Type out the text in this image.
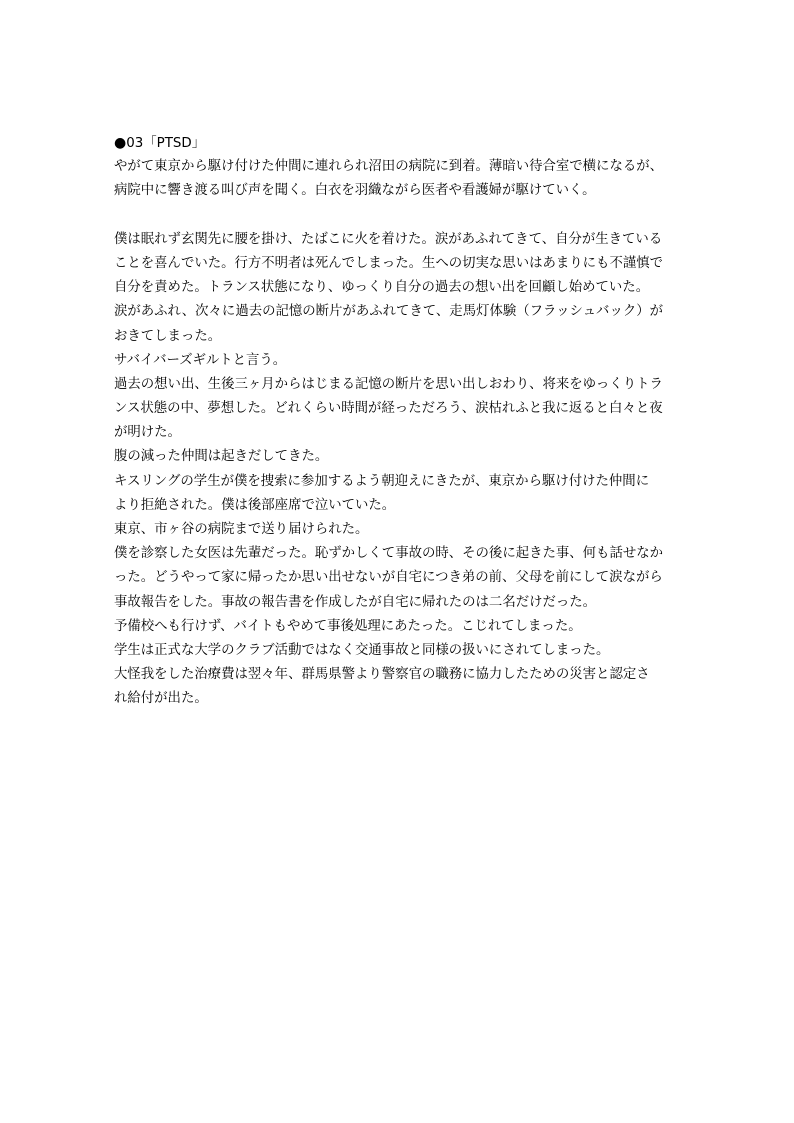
●03「PTSD」
やがて東京から駆け付けた仲間に連れられ沼田の病院に到着。薄暗い待合室で横になるが、
病院中に響き渡る叫び声を聞く。白衣を羽織ながら医者や看護婦が駆けていく。
僕は眠れず玄関先に腰を掛け、たばこに火を着けた。涙があふれてきて、自分が生きている
ことを喜んでいた。行方不明者は死んでしまった。生への切実な思いはあまりにも不謹慎で
自分を責めた。トランス状態になり、ゆっくり自分の過去の想い出を回顧し始めていた。
涙があふれ、次々に過去の記憶の断片があふれてきて、走馬灯体験（フラッシュバック）が
おきてしまった。
サバイバーズギルトと言う。
過去の想い出、生後三ヶ月からはじまる記憶の断片を思い出しおわり、将来をゆっくりトラ
ンス状態の中、夢想した。どれくらい時間が経っただろう、涙枯れふと我に返ると白々と夜
が明けた。
腹の減った仲間は起きだしてきた。
キスリングの学生が僕を捜索に参加するよう朝迎えにきたが、東京から駆け付けた仲間に
より拒絶された。僕は後部座席で泣いていた。
東京、市ヶ谷の病院まで送り届けられた。
僕を診察した女医は先輩だった。恥ずかしくて事故の時、その後に起きた事、何も話せなか
った。どうやって家に帰ったか思い出せないが自宅につき弟の前、父母を前にして涙ながら
事故報告をした。事故の報告書を作成したが自宅に帰れたのは二名だけだった。
予備校へも行けず、バイトもやめて事後処理にあたった。こじれてしまった。
学生は正式な大学のクラブ活動ではなく交通事故と同様の扱いにされてしまった。
大怪我をした治療費は翌々年、群馬県警より警察官の職務に協力したための災害と認定さ
れ給付が出た。
